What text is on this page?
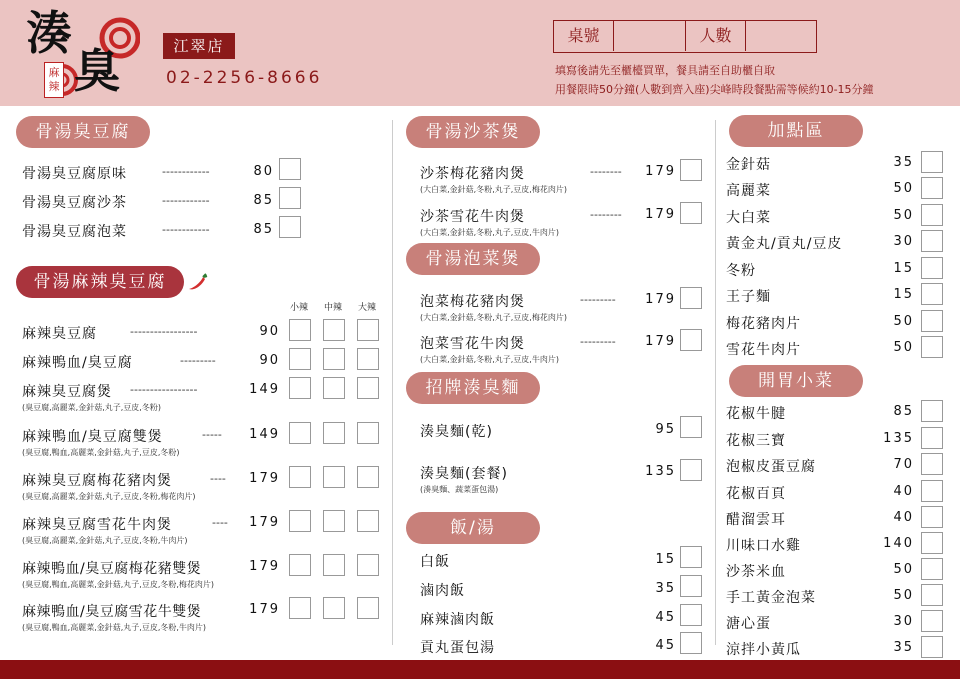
湊
臭
麻辣
江翠店
02-2256-8666
桌號	人數
填寫後請先至櫃檯買單，餐具請至自助櫃自取
用餐限時50分鐘(人數到齊入座)尖峰時段餐點需等候約10-15分鐘
骨湯臭豆腐
骨湯臭豆腐原味	------------	80
骨湯臭豆腐沙茶	------------	85
骨湯臭豆腐泡菜	------------	85
骨湯麻辣臭豆腐
小辣 中辣 大辣
麻辣臭豆腐	-----------------	90
麻辣鴨血/臭豆腐	---------	90
麻辣臭豆腐煲 -----------------	149
(臭豆腐,高麗菜,金針菇,丸子,豆皮,冬粉)
麻辣鴨血/臭豆腐雙煲	-----	149
(臭豆腐,鴨血,高麗菜,金針菇,丸子,豆皮,冬粉)
麻辣臭豆腐梅花豬肉煲	----	179
(臭豆腐,高麗菜,金針菇,丸子,豆皮,冬粉,梅花肉片)
麻辣臭豆腐雪花牛肉煲	----	179
(臭豆腐,高麗菜,金針菇,丸子,豆皮,冬粉,牛肉片)
麻辣鴨血/臭豆腐梅花豬雙煲	179
(臭豆腐,鴨血,高麗菜,金針菇,丸子,豆皮,冬粉,梅花肉片)
麻辣鴨血/臭豆腐雪花牛雙煲	179
(臭豆腐,鴨血,高麗菜,金針菇,丸子,豆皮,冬粉,牛肉片)
骨湯沙茶煲
沙茶梅花豬肉煲	--------	179
(大白菜,金針菇,冬粉,丸子,豆皮,梅花肉片)
沙茶雪花牛肉煲	--------	179
(大白菜,金針菇,冬粉,丸子,豆皮,牛肉片)
骨湯泡菜煲
泡菜梅花豬肉煲	---------	179
(大白菜,金針菇,冬粉,丸子,豆皮,梅花肉片)
泡菜雪花牛肉煲	---------	179
(大白菜,金針菇,冬粉,丸子,豆皮,牛肉片)
招牌湊臭麵
湊臭麵(乾)	95
湊臭麵(套餐)	135
(湊臭麵、蔬菜蛋包湯)
飯/湯
白飯	15
滷肉飯	35
麻辣滷肉飯	45
貢丸蛋包湯	45
加點區
金針菇	35
高麗菜	50
大白菜	50
黃金丸/貢丸/豆皮	30
冬粉	15
王子麵	15
梅花豬肉片	50
雪花牛肉片	50
開胃小菜
花椒牛腱	85
花椒三寶	135
泡椒皮蛋豆腐	70
花椒百頁	40
醋溜雲耳	40
川味口水雞	140
沙茶米血	50
手工黃金泡菜	50
溏心蛋	30
涼拌小黃瓜	35
